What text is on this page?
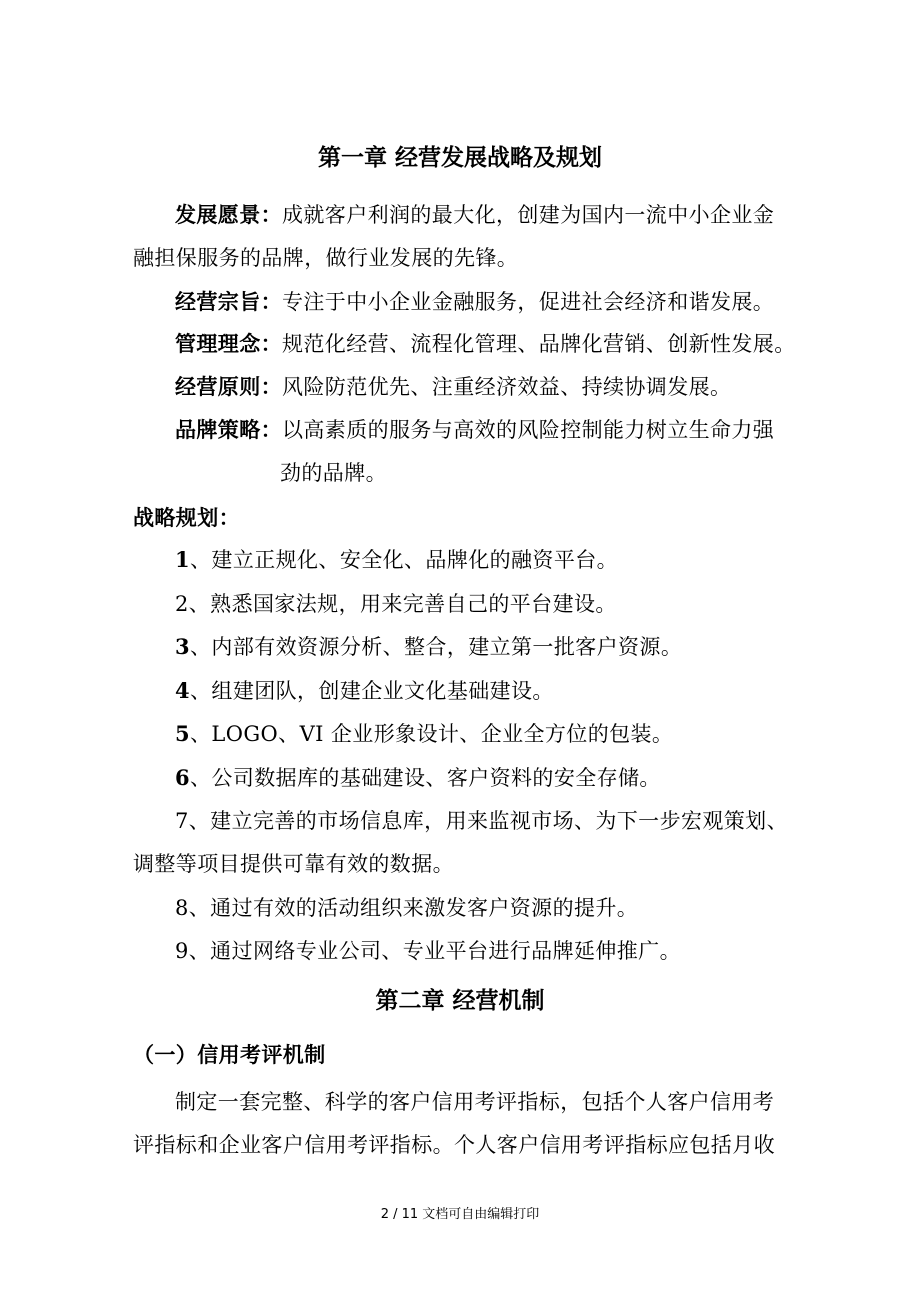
第一章 经营发展战略及规划
发展愿景：成就客户利润的最大化，创建为国内一流中小企业金
融担保服务的品牌，做行业发展的先锋。
经营宗旨：专注于中小企业金融服务，促进社会经济和谐发展。
管理理念：规范化经营、流程化管理、品牌化营销、创新性发展。
经营原则：风险防范优先、注重经济效益、持续协调发展。
品牌策略：以高素质的服务与高效的风险控制能力树立生命力强
劲的品牌。
战略规划：
1、建立正规化、安全化、品牌化的融资平台。
2、熟悉国家法规，用来完善自己的平台建设。
3、内部有效资源分析、整合，建立第一批客户资源。
4、组建团队，创建企业文化基础建设。
5、LOGO、VI 企业形象设计、企业全方位的包装。
6、公司数据库的基础建设、客户资料的安全存储。
7、建立完善的市场信息库，用来监视市场、为下一步宏观策划、
调整等项目提供可靠有效的数据。
8、通过有效的活动组织来激发客户资源的提升。
9、通过网络专业公司、专业平台进行品牌延伸推广。
第二章 经营机制
（一）信用考评机制
制定一套完整、科学的客户信用考评指标，包括个人客户信用考
评指标和企业客户信用考评指标。个人客户信用考评指标应包括月收
2 / 11 文档可自由编辑打印
